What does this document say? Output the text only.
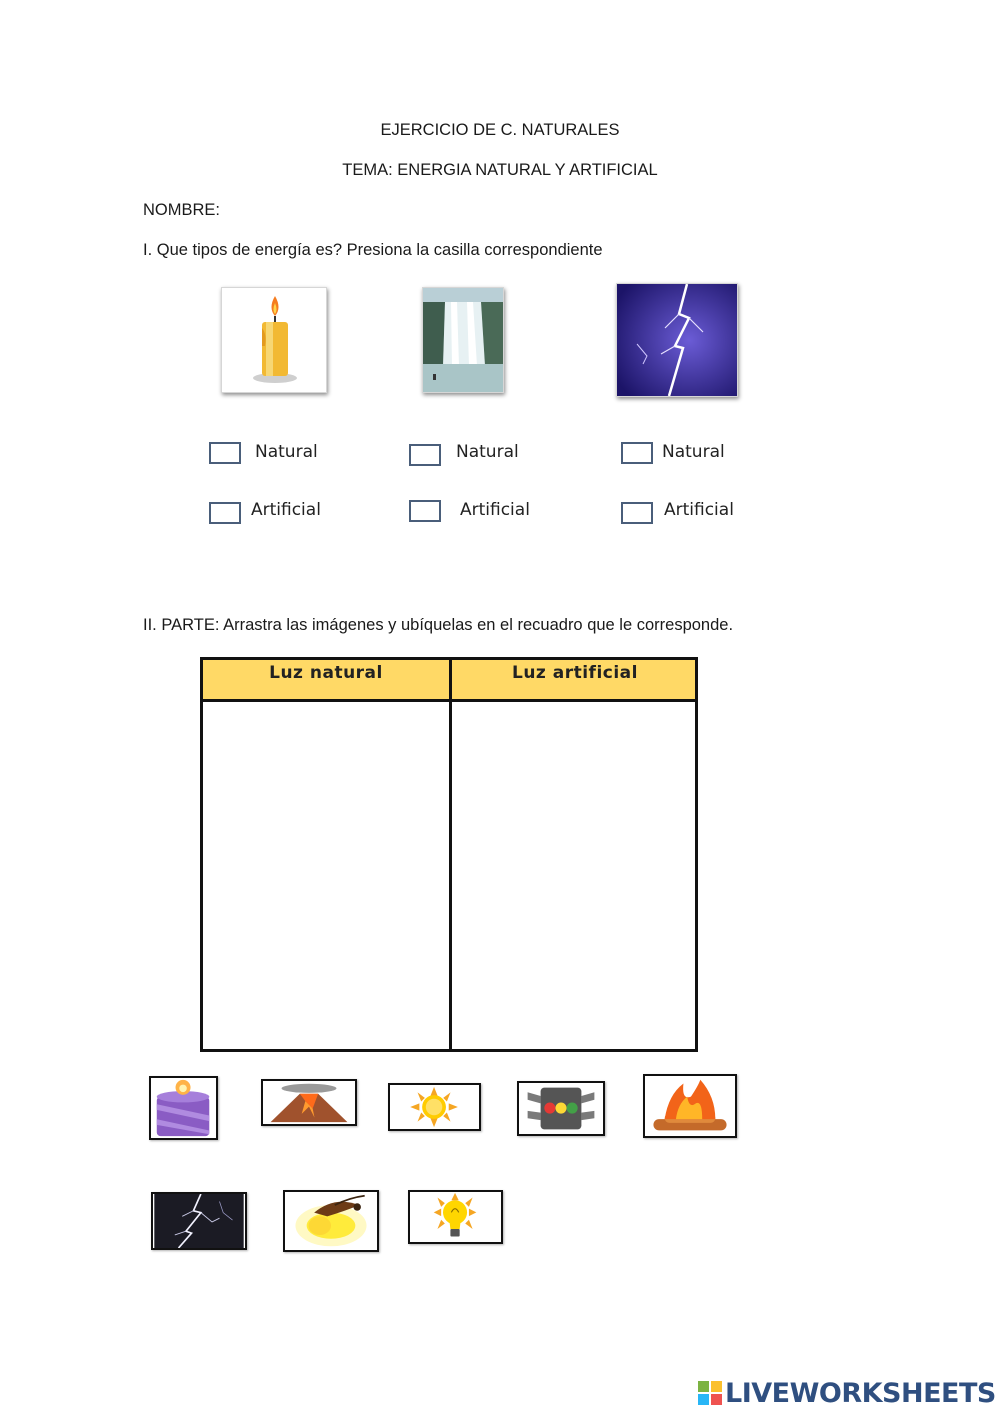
EJERCICIO DE C. NATURALES
TEMA: ENERGIA NATURAL Y ARTIFICIAL
NOMBRE:
I. Que tipos de energía es? Presiona la casilla correspondiente
Natural
Artificial
Natural
Artificial
Natural
Artificial
II. PARTE: Arrastra las imágenes y ubíquelas en el recuadro que le corresponde.
Luz natural	Luz artificial
LIVEWORKSHEETS
